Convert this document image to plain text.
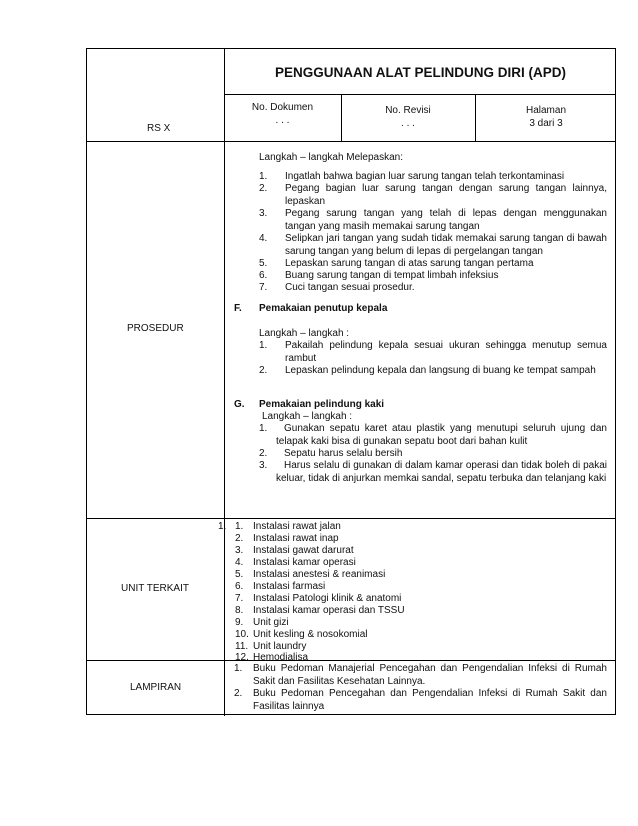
RS X
PENGGUNAAN ALAT PELINDUNG DIRI (APD)
No. Dokumen
. . .
No. Revisi
. . .
Halaman
3 dari 3
PROSEDUR
Langkah – langkah Melepaskan:
1. Ingatlah bahwa bagian luar sarung tangan telah terkontaminasi
2. Pegang bagian luar sarung tangan dengan sarung tangan lainnya, lepaskan
3. Pegang sarung tangan yang telah di lepas dengan menggunakan tangan yang masih memakai sarung tangan
4. Selipkan jari tangan yang sudah tidak memakai sarung tangan di bawah sarung tangan yang belum di lepas di pergelangan tangan
5. Lepaskan sarung tangan di atas sarung tangan pertama
6. Buang sarung tangan di tempat limbah infeksius
7. Cuci tangan sesuai prosedur.
F. Pemakaian penutup kepala
Langkah – langkah :
1. Pakailah pelindung kepala sesuai ukuran sehingga menutup semua rambut
2. Lepaskan pelindung kepala dan langsung di buang ke tempat sampah
G. Pemakaian pelindung kaki
Langkah – langkah :
1.	Gunakan sepatu karet atau plastik yang menutupi seluruh ujung dan telapak kaki bisa di gunakan sepatu boot dari bahan kulit
2. Sepatu harus selalu bersih
3.	Harus selalu di gunakan di dalam kamar operasi dan tidak boleh di pakai keluar, tidak di anjurkan memkai sandal, sepatu terbuka dan telanjang kaki
UNIT TERKAIT
1. 1. Instalasi rawat jalan
2. Instalasi rawat inap
3. Instalasi gawat darurat
4. Instalasi kamar operasi
5. Instalasi anestesi & reanimasi
6. Instalasi farmasi
7. Instalasi Patologi klinik & anatomi
8. Instalasi kamar operasi dan TSSU
9. Unit gizi
10. Unit kesling & nosokomial
11. Unit laundry
12. Hemodialisa
LAMPIRAN
1. Buku Pedoman Manajerial Pencegahan dan Pengendalian Infeksi di Rumah Sakit dan Fasilitas Kesehatan Lainnya.
2. Buku Pedoman Pencegahan dan Pengendalian Infeksi di Rumah Sakit dan Fasilitas lainnya
